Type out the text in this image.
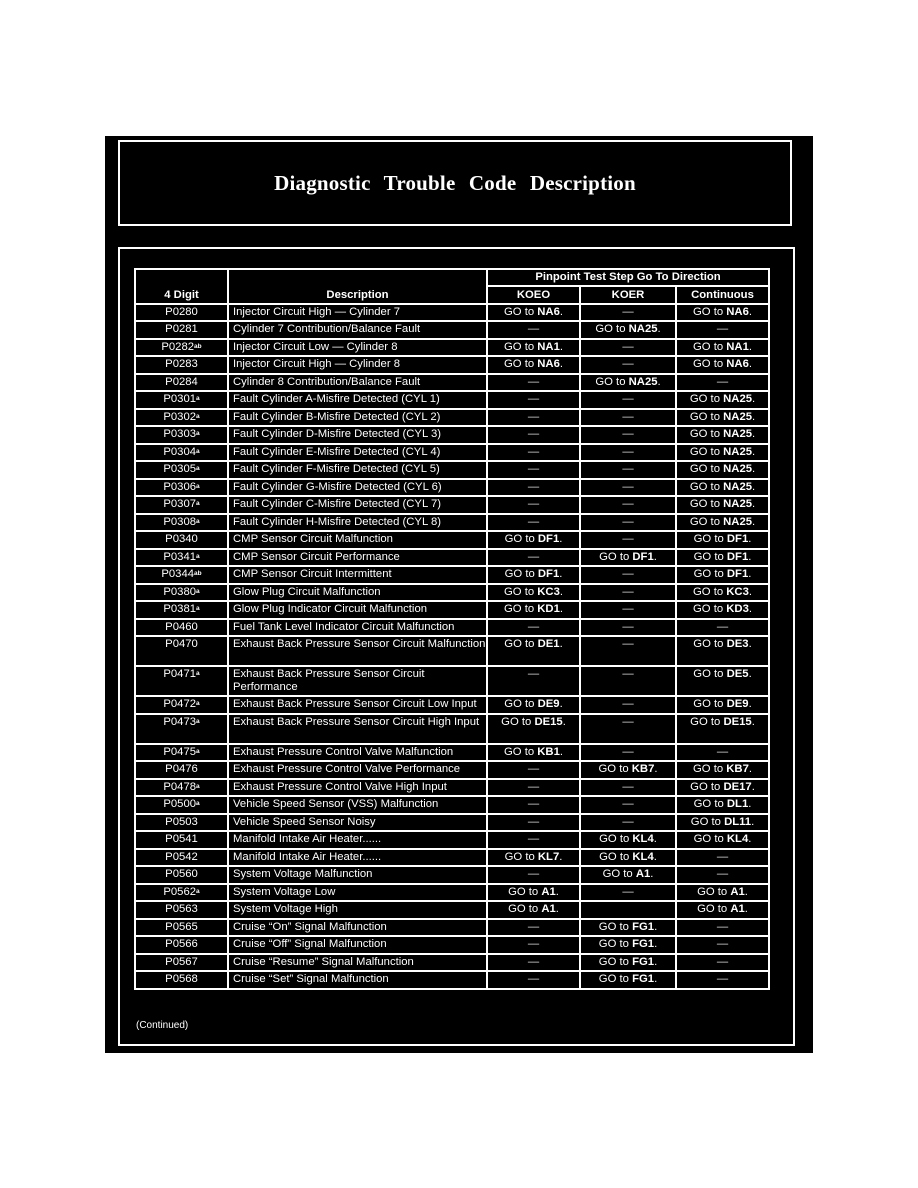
Diagnostic Trouble Code Description
4 Digit	Description	Pinpoint Test Step Go To Direction		
		KOEO	KOER	Continuous
P0280	Injector Circuit High — Cylinder 7	GO to NA6.	—	GO to NA6.
P0281	Cylinder 7 Contribution/Balance Fault	—	GO to NA25.	—
$P0282^{ab}$	Injector Circuit Low — Cylinder 8	GO to NA1.	—	GO to NA1.
P0283	Injector Circuit High — Cylinder 8	GO to NA6.	—	GO to NA6.
P0284	Cylinder 8 Contribution/Balance Fault	—	GO to NA25.	—
P0301$^a$	Fault Cylinder A-Misfire Detected (CYL 1)	—	—	GO to NA25.
P0302$^a$	Fault Cylinder B-Misfire Detected (CYL 2)	—	—	GO to NA25.
P0303$^a$	Fault Cylinder D-Misfire Detected (CYL 3)	—	—	GO to NA25.
P0304$^a$	Fault Cylinder E-Misfire Detected (CYL 4)	—	—	GO to NA25.
P0305$^a$	Fault Cylinder F-Misfire Detected (CYL 5)	—	—	GO to NA25.
P0306$^a$	Fault Cylinder G-Misfire Detected (CYL 6)	—	—	GO to NA25.
P0307$^a$	Fault Cylinder C-Misfire Detected (CYL 7)	—	—	GO to NA25.
P0308$^a$	Fault Cylinder H-Misfire Detected (CYL 8)	—	—	GO to NA25.
P0340	CMP Sensor Circuit Malfunction	GO to DF1.	—	GO to DF1.
P0341$^a$	CMP Sensor Circuit Performance	—	GO to DF1.	GO to DF1.
$P0344^{ab}$	CMP Sensor Circuit Intermittent	GO to DF1.	—	GO to DF1.
P0380$^a$	Glow Plug Circuit Malfunction	GO to KC3.	—	GO to KC3.
P0381$^a$	Glow Plug Indicator Circuit Malfunction	GO to KD1.	—	GO to KD3.
P0460	Fuel Tank Level Indicator Circuit Malfunction	—	—	—
P0470	Exhaust Back Pressure Sensor Circuit Malfunction	GO to DE1.	—	GO to DE3.
P0471$^a$	Exhaust Back Pressure Sensor Circuit Performance	—	—	GO to DE5.
P0472$^a$	Exhaust Back Pressure Sensor Circuit Low Input	GO to DE9.	—	GO to DE9.
P0473$^a$	Exhaust Back Pressure Sensor Circuit High Input	GO to DE15.	—	GO to DE15.
P0475$^a$	Exhaust Pressure Control Valve Malfunction	GO to KB1.	—	—
P0476	Exhaust Pressure Control Valve Performance	—	GO to KB7.	GO to KB7.
P0478$^a$	Exhaust Pressure Control Valve High Input	—	—	GO to DE17.
P0500$^a$	Vehicle Speed Sensor (VSS) Malfunction	—	—	GO to DL1.
P0503	Vehicle Speed Sensor Noisy	—	—	GO to DL11.
P0541	Manifold Intake Air Heater......	—	GO to KL4.	GO to KL4.
P0542	Manifold Intake Air Heater......	GO to KL7.	GO to KL4.	—
P0560	System Voltage Malfunction	—	GO to A1.	—
P0562$^a$	System Voltage Low	GO to A1.	—	GO to A1.
P0563	System Voltage High	GO to A1.		GO to A1.
P0565	Cruise “On” Signal Malfunction	—	GO to FG1.	—
P0566	Cruise “Off” Signal Malfunction	—	GO to FG1.	—
P0567	Cruise “Resume” Signal Malfunction	—	GO to FG1.	—
P0568	Cruise “Set” Signal Malfunction	—	GO to FG1.	—
(Continued)
